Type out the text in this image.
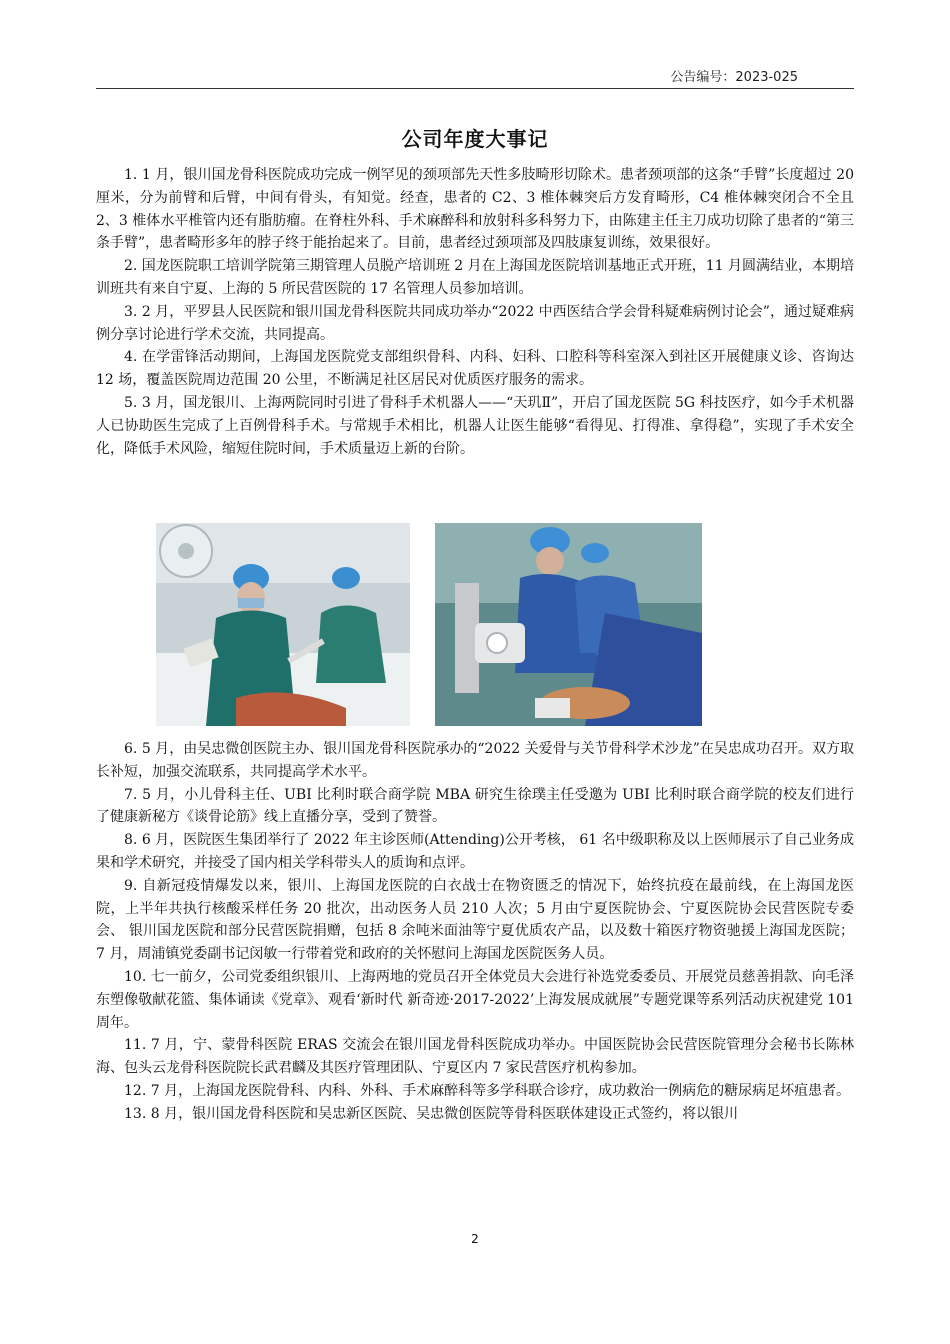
公告编号：2023-025
公司年度大事记

1. 1 月，银川国龙骨科医院成功完成一例罕见的颈项部先天性多肢畸形切除术。患者颈项部的这条“手臂”长度超过 20 厘米，分为前臂和后臂，中间有骨头，有知觉。经查，患者的 C2、3 椎体棘突后方发育畸形，C4 椎体棘突闭合不全且 2、3 椎体水平椎管内还有脂肪瘤。在脊柱外科、手术麻醉科和放射科多科努力下，由陈建主任主刀成功切除了患者的“第三条手臂”，患者畸形多年的脖子终于能抬起来了。目前，患者经过颈项部及四肢康复训练，效果很好。

2. 国龙医院职工培训学院第三期管理人员脱产培训班 2 月在上海国龙医院培训基地正式开班，11 月圆满结业，本期培训班共有来自宁夏、上海的 5 所民营医院的 17 名管理人员参加培训。

3. 2 月，平罗县人民医院和银川国龙骨科医院共同成功举办“2022 中西医结合学会骨科疑难病例讨论会”，通过疑难病例分享讨论进行学术交流，共同提高。

4. 在学雷锋活动期间，上海国龙医院党支部组织骨科、内科、妇科、口腔科等科室深入到社区开展健康义诊、咨询达 12 场，覆盖医院周边范围 20 公里，不断满足社区居民对优质医疗服务的需求。

5. 3 月，国龙银川、上海两院同时引进了骨科手术机器人——“天玑Ⅱ”，开启了国龙医院 5G 科技医疗，如今手术机器人已协助医生完成了上百例骨科手术。与常规手术相比，机器人让医生能够“看得见、打得准、拿得稳”，实现了手术安全化，降低手术风险，缩短住院时间，手术质量迈上新的台阶。

6. 5 月，由吴忠微创医院主办、银川国龙骨科医院承办的“2022 关爱骨与关节骨科学术沙龙”在吴忠成功召开。双方取长补短，加强交流联系，共同提高学术水平。

7. 5 月，小儿骨科主任、UBI 比利时联合商学院 MBA 研究生徐璞主任受邀为 UBI 比利时联合商学院的校友们进行了健康新秘方《谈骨论筋》线上直播分享，受到了赞誉。

8. 6 月，医院医生集团举行了 2022 年主诊医师(Attending)公开考核， 61 名中级职称及以上医师展示了自己业务成果和学术研究，并接受了国内相关学科带头人的质询和点评。

9. 自新冠疫情爆发以来，银川、上海国龙医院的白衣战士在物资匮乏的情况下，始终抗疫在最前线，在上海国龙医院，上半年共执行核酸采样任务 20 批次，出动医务人员 210 人次；5 月由宁夏医院协会、宁夏医院协会民营医院专委会、 银川国龙医院和部分民营医院捐赠，包括 8 余吨米面油等宁夏优质农产品，以及数十箱医疗物资驰援上海国龙医院； 7 月，周浦镇党委副书记闵敏一行带着党和政府的关怀慰问上海国龙医院医务人员。

10. 七一前夕，公司党委组织银川、上海两地的党员召开全体党员大会进行补选党委委员、开展党员慈善捐款、向毛泽东塑像敬献花篮、集体诵读《党章》、观看‘新时代 新奇迹·2017-2022’上海发展成就展”专题党课等系列活动庆祝建党 101 周年。

11. 7 月，宁、蒙骨科医院 ERAS 交流会在银川国龙骨科医院成功举办。中国医院协会民营医院管理分会秘书长陈林海、包头云龙骨科医院院长武君麟及其医疗管理团队、宁夏区内 7 家民营医疗机构参加。

12. 7 月，上海国龙医院骨科、内科、外科、手术麻醉科等多学科联合诊疗，成功救治一例病危的糖尿病足坏疽患者。

13. 8 月，银川国龙骨科医院和吴忠新区医院、吴忠微创医院等骨科医联体建设正式签约，将以银川

2
